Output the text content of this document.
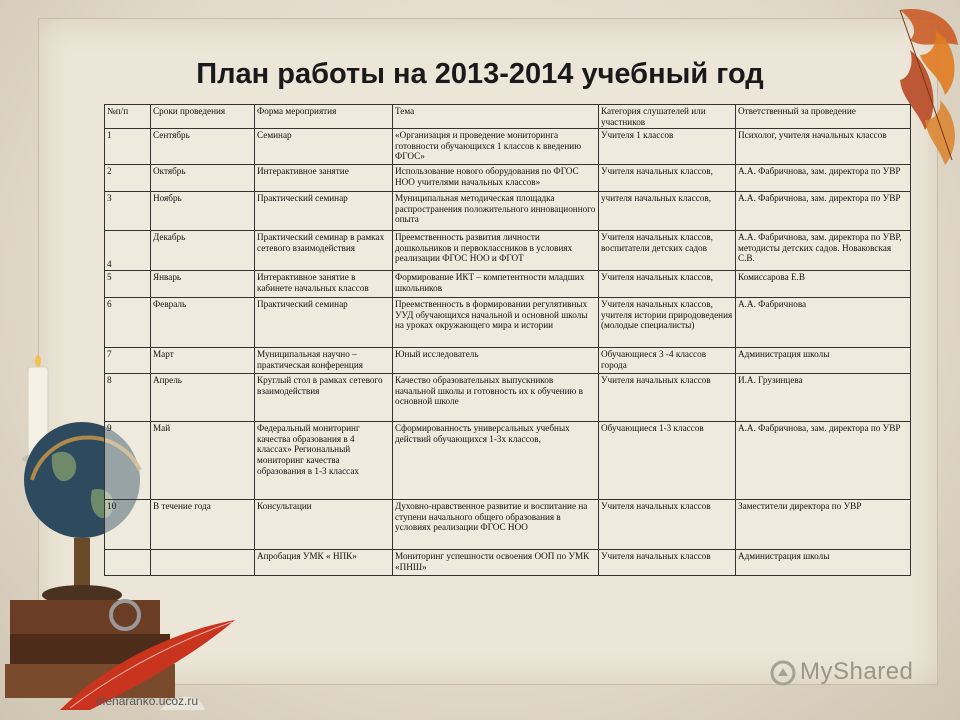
План работы на 2013-2014 учебный год
№п/п	Сроки проведения	Форма мероприятия	Тема	Категория слушателей или участников	Ответственный за проведение
1	Сентябрь	Семинар	«Организация и проведение мониторинга готовности обучающихся 1 классов к введению ФГОС»	Учителя 1 классов	Психолог, учителя начальных классов
2	Октябрь	Интерактивное занятие	Использование нового оборудования по ФГОС НОО учителями начальных классов»	Учителя начальных классов,	А.А. Фабричнова, зам. директора по УВР
3	Ноябрь	Практический семинар	Муниципальная методическая площадка распространения положительного инновационного опыта	учителя начальных классов,	А.А. Фабричнова, зам. директора по УВР
4	Декабрь	Практический семинар в рамках сетевого взаимодействия	Преемственность развития личности дошкольников и первоклассников в условиях реализации ФГОС НОО и ФГОТ	Учителя начальных классов, воспитатели детских садов	А.А. Фабричнова, зам. директора по УВР, методисты детских садов. Новаковская С.В.
5	Январь	Интерактивное занятие в кабинете начальных классов	Формирование ИКТ – компетентности младших школьников	Учителя начальных классов,	Комиссарова Е.В
6	Февраль	Практический семинар	Преемственность в формировании регулятивных УУД обучающихся начальной и основной школы на уроках окружающего мира и истории	Учителя начальных классов, учителя истории природоведения (молодые специалисты)	А.А. Фабричнова
7	Март	Муниципальная научно – практическая конференция	Юный исследователь	Обучающиеся 3 -4 классов города	Администрация школы
8	Апрель	Круглый стол в рамках сетевого взаимодействия	Качество образовательных выпускников начальной школы и готовность их к обучению в основной школе	Учителя начальных классов	И.А. Грузинцева
9	Май	Федеральный мониторинг качества образования в 4 классах» Региональный мониторинг качества образования в 1-3 классах	Сформированность универсальных учебных действий обучающихся 1-3х классов,	Обучающиеся 1-3 классов	А.А. Фабричнова, зам. директора по УВР
10	В течение года	Консультации	Духовно-нравственное развитие и воспитание на ступени начального общего образования в условиях реализации ФГОС НОО	Учителя начальных классов	Заместители директора по УВР
		Апробация УМК « НПК»	Мониторинг успешности освоения ООП по УМК «ПНШ»	Учителя начальных классов	Администрация школы
elenaranko.ucoz.ru
MyShared
